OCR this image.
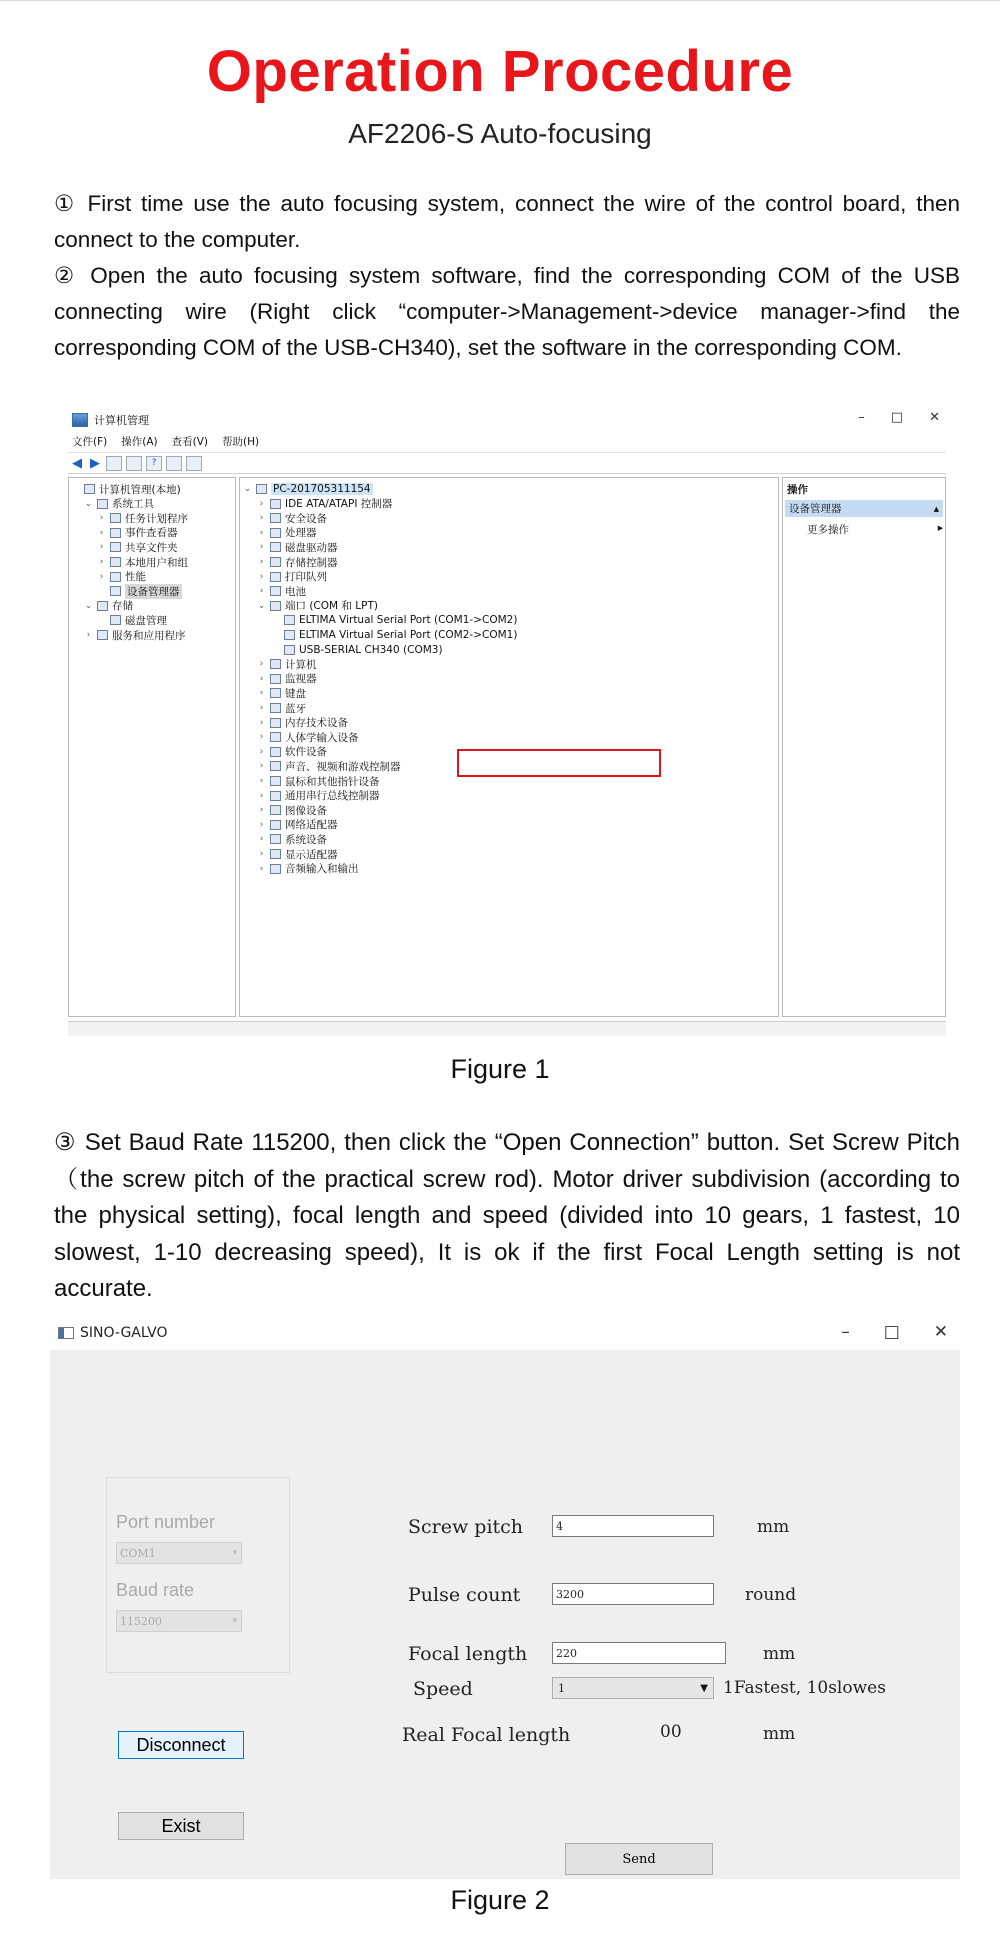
Operation Procedure
AF2206-S Auto-focusing
① First time use the auto focusing system, connect the wire of the control board, then connect to the computer.
② Open the auto focusing system software, find the corresponding COM of the USB connecting wire (Right click “computer->Management->device manager->find the corresponding COM of the USB-CH340), set the software in the corresponding COM.
计算机管理	– □ ✕
文件(F) 操作(A) 查看(V) 帮助(H)
◀ ▶	?
计算机管理(本地)
⌄ 系统工具
› 任务计划程序
› 事件查看器
› 共享文件夹
› 本地用户和组
› 性能
设备管理器
⌄ 存储
磁盘管理
› 服务和应用程序
⌄ PC-201705311154
› IDE ATA/ATAPI 控制器
› 安全设备
› 处理器
› 磁盘驱动器
› 存储控制器
› 打印队列
› 电池
⌄ 端口 (COM 和 LPT)
ELTIMA Virtual Serial Port (COM1->COM2)
ELTIMA Virtual Serial Port (COM2->COM1)
USB-SERIAL CH340 (COM3)
› 计算机
› 监视器
› 键盘
› 蓝牙
› 内存技术设备
› 人体学输入设备
› 软件设备
› 声音、视频和游戏控制器
› 鼠标和其他指针设备
› 通用串行总线控制器
› 图像设备
› 网络适配器
› 系统设备
› 显示适配器
› 音频输入和输出
操作
设备管理器	▴
更多操作	▸
Figure 1
③ Set Baud Rate 115200, then click the “Open Connection” button. Set Screw Pitch（the screw pitch of the practical screw rod). Motor driver subdivision (according to the physical setting), focal length and speed (divided into 10 gears, 1 fastest, 10 slowest, 1-10 decreasing speed), It is ok if the first Focal Length setting is not accurate.
SINO-GALVO	– □ ✕
Port number
COM1	▾
Baud rate
115200	▾
Disconnect
Exist
Screw pitch	4	mm
Pulse count	3200	round
Focal length	220	mm
Speed	1	▼ 1Fastest, 10slowes
Real Focal length	00	mm
Send
Figure 2
